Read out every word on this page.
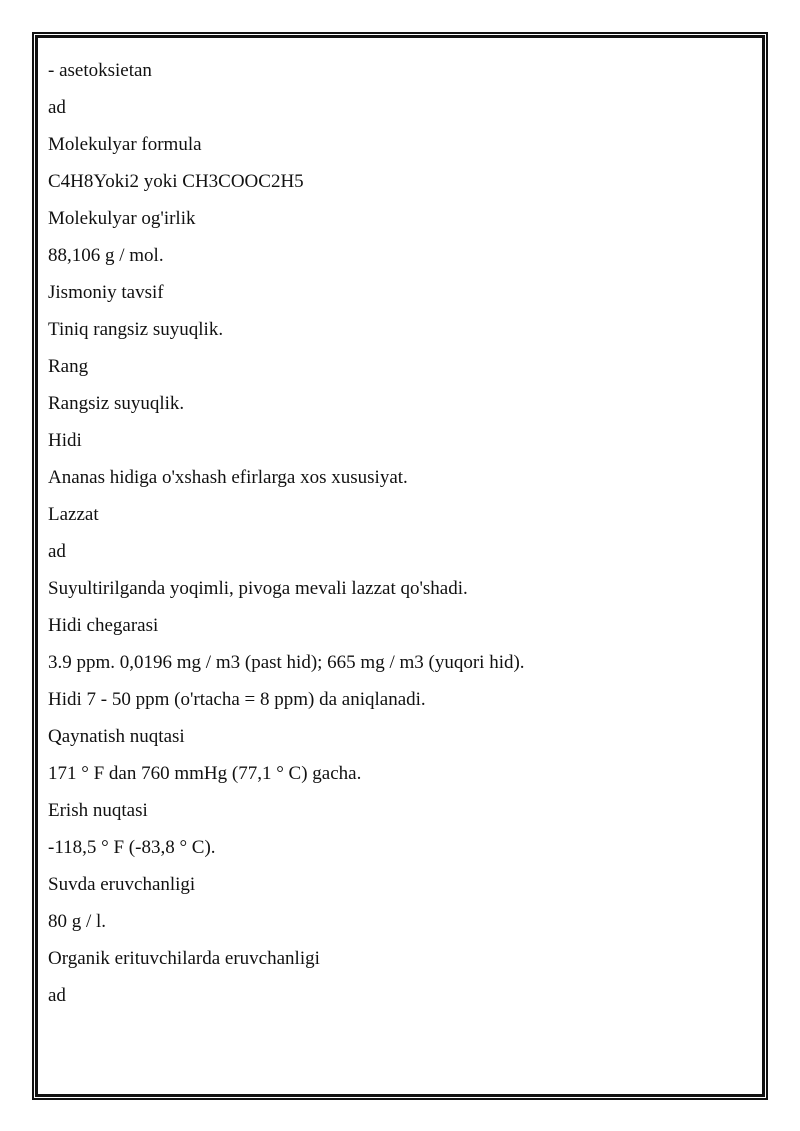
- asetoksietan
ad
Molekulyar formula
C4H8Yoki2 yoki CH3COOC2H5
Molekulyar og'irlik
88,106 g / mol.
Jismoniy tavsif
Tiniq rangsiz suyuqlik.
Rang
Rangsiz suyuqlik.
Hidi
Ananas hidiga o'xshash efirlarga xos xususiyat.
Lazzat
ad
Suyultirilganda yoqimli, pivoga mevali lazzat qo'shadi.
Hidi chegarasi
3.9 ppm. 0,0196 mg / m3 (past hid); 665 mg / m3 (yuqori hid).
Hidi 7 - 50 ppm (o'rtacha = 8 ppm) da aniqlanadi.
Qaynatish nuqtasi
171 ° F dan 760 mmHg (77,1 ° C) gacha.
Erish nuqtasi
-118,5 ° F (-83,8 ° C).
Suvda eruvchanligi
80 g / l.
Organik erituvchilarda eruvchanligi
ad
